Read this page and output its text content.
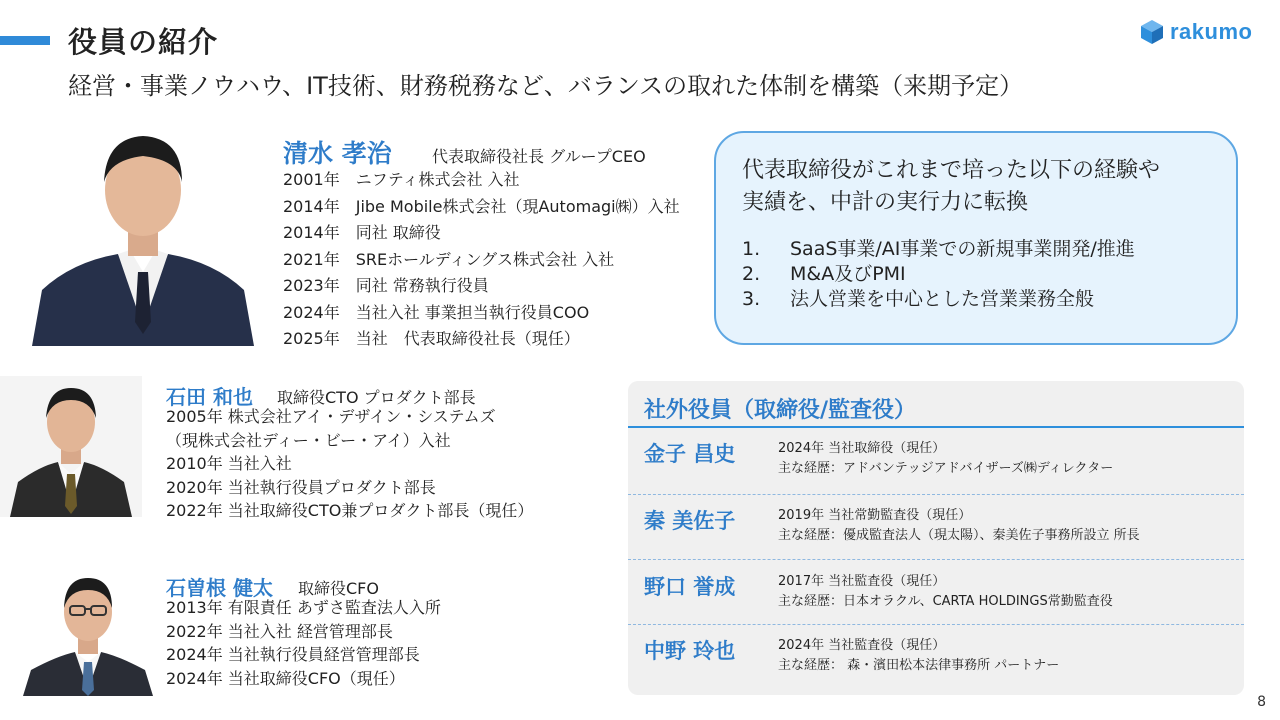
役員の紹介
経営・事業ノウハウ、IT技術、財務税務など、バランスの取れた体制を構築（来期予定）
rakumo
清水 孝治	代表取締役社長 グループCEO
2001年　ニフティ株式会社 入社
2014年　Jibe Mobile株式会社（現Automagi㈱）入社
2014年　同社 取締役
2021年　SREホールディングス株式会社 入社
2023年　同社 常務執行役員
2024年　当社入社 事業担当執行役員COO
2025年　当社　代表取締役社長（現任）

代表取締役がこれまで培った以下の経験や
実績を、中計の実行力に転換

1.	SaaS事業/AI事業での新規事業開発/推進
2.	M&A及びPMI
3.	法人営業を中心とした営業業務全般
石田 和也 取締役CTO プロダクト部長
2005年 株式会社アイ・デザイン・システムズ
（現株式会社ディー・ビー・アイ）入社
2010年 当社入社
2020年 当社執行役員プロダクト部長
2022年 当社取締役CTO兼プロダクト部長（現任）
石曽根 健太 取締役CFO
2013年 有限責任 あずさ監査法人入所
2022年 当社入社 経営管理部長
2024年 当社執行役員経営管理部長
2024年 当社取締役CFO（現任）
社外役員（取締役/監査役）
金子 昌史	2024年 当社取締役（現任）
主な経歴：アドバンテッジアドバイザーズ㈱ディレクター
秦 美佐子	2019年 当社常勤監査役（現任）
主な経歴：優成監査法人（現太陽）、秦美佐子事務所設立 所長
野口 誉成	2017年 当社監査役（現任）
主な経歴：日本オラクル、CARTA HOLDINGS常勤監査役
中野 玲也	2024年 当社監査役（現任）
主な経歴： 森・濱田松本法律事務所 パートナー
8
